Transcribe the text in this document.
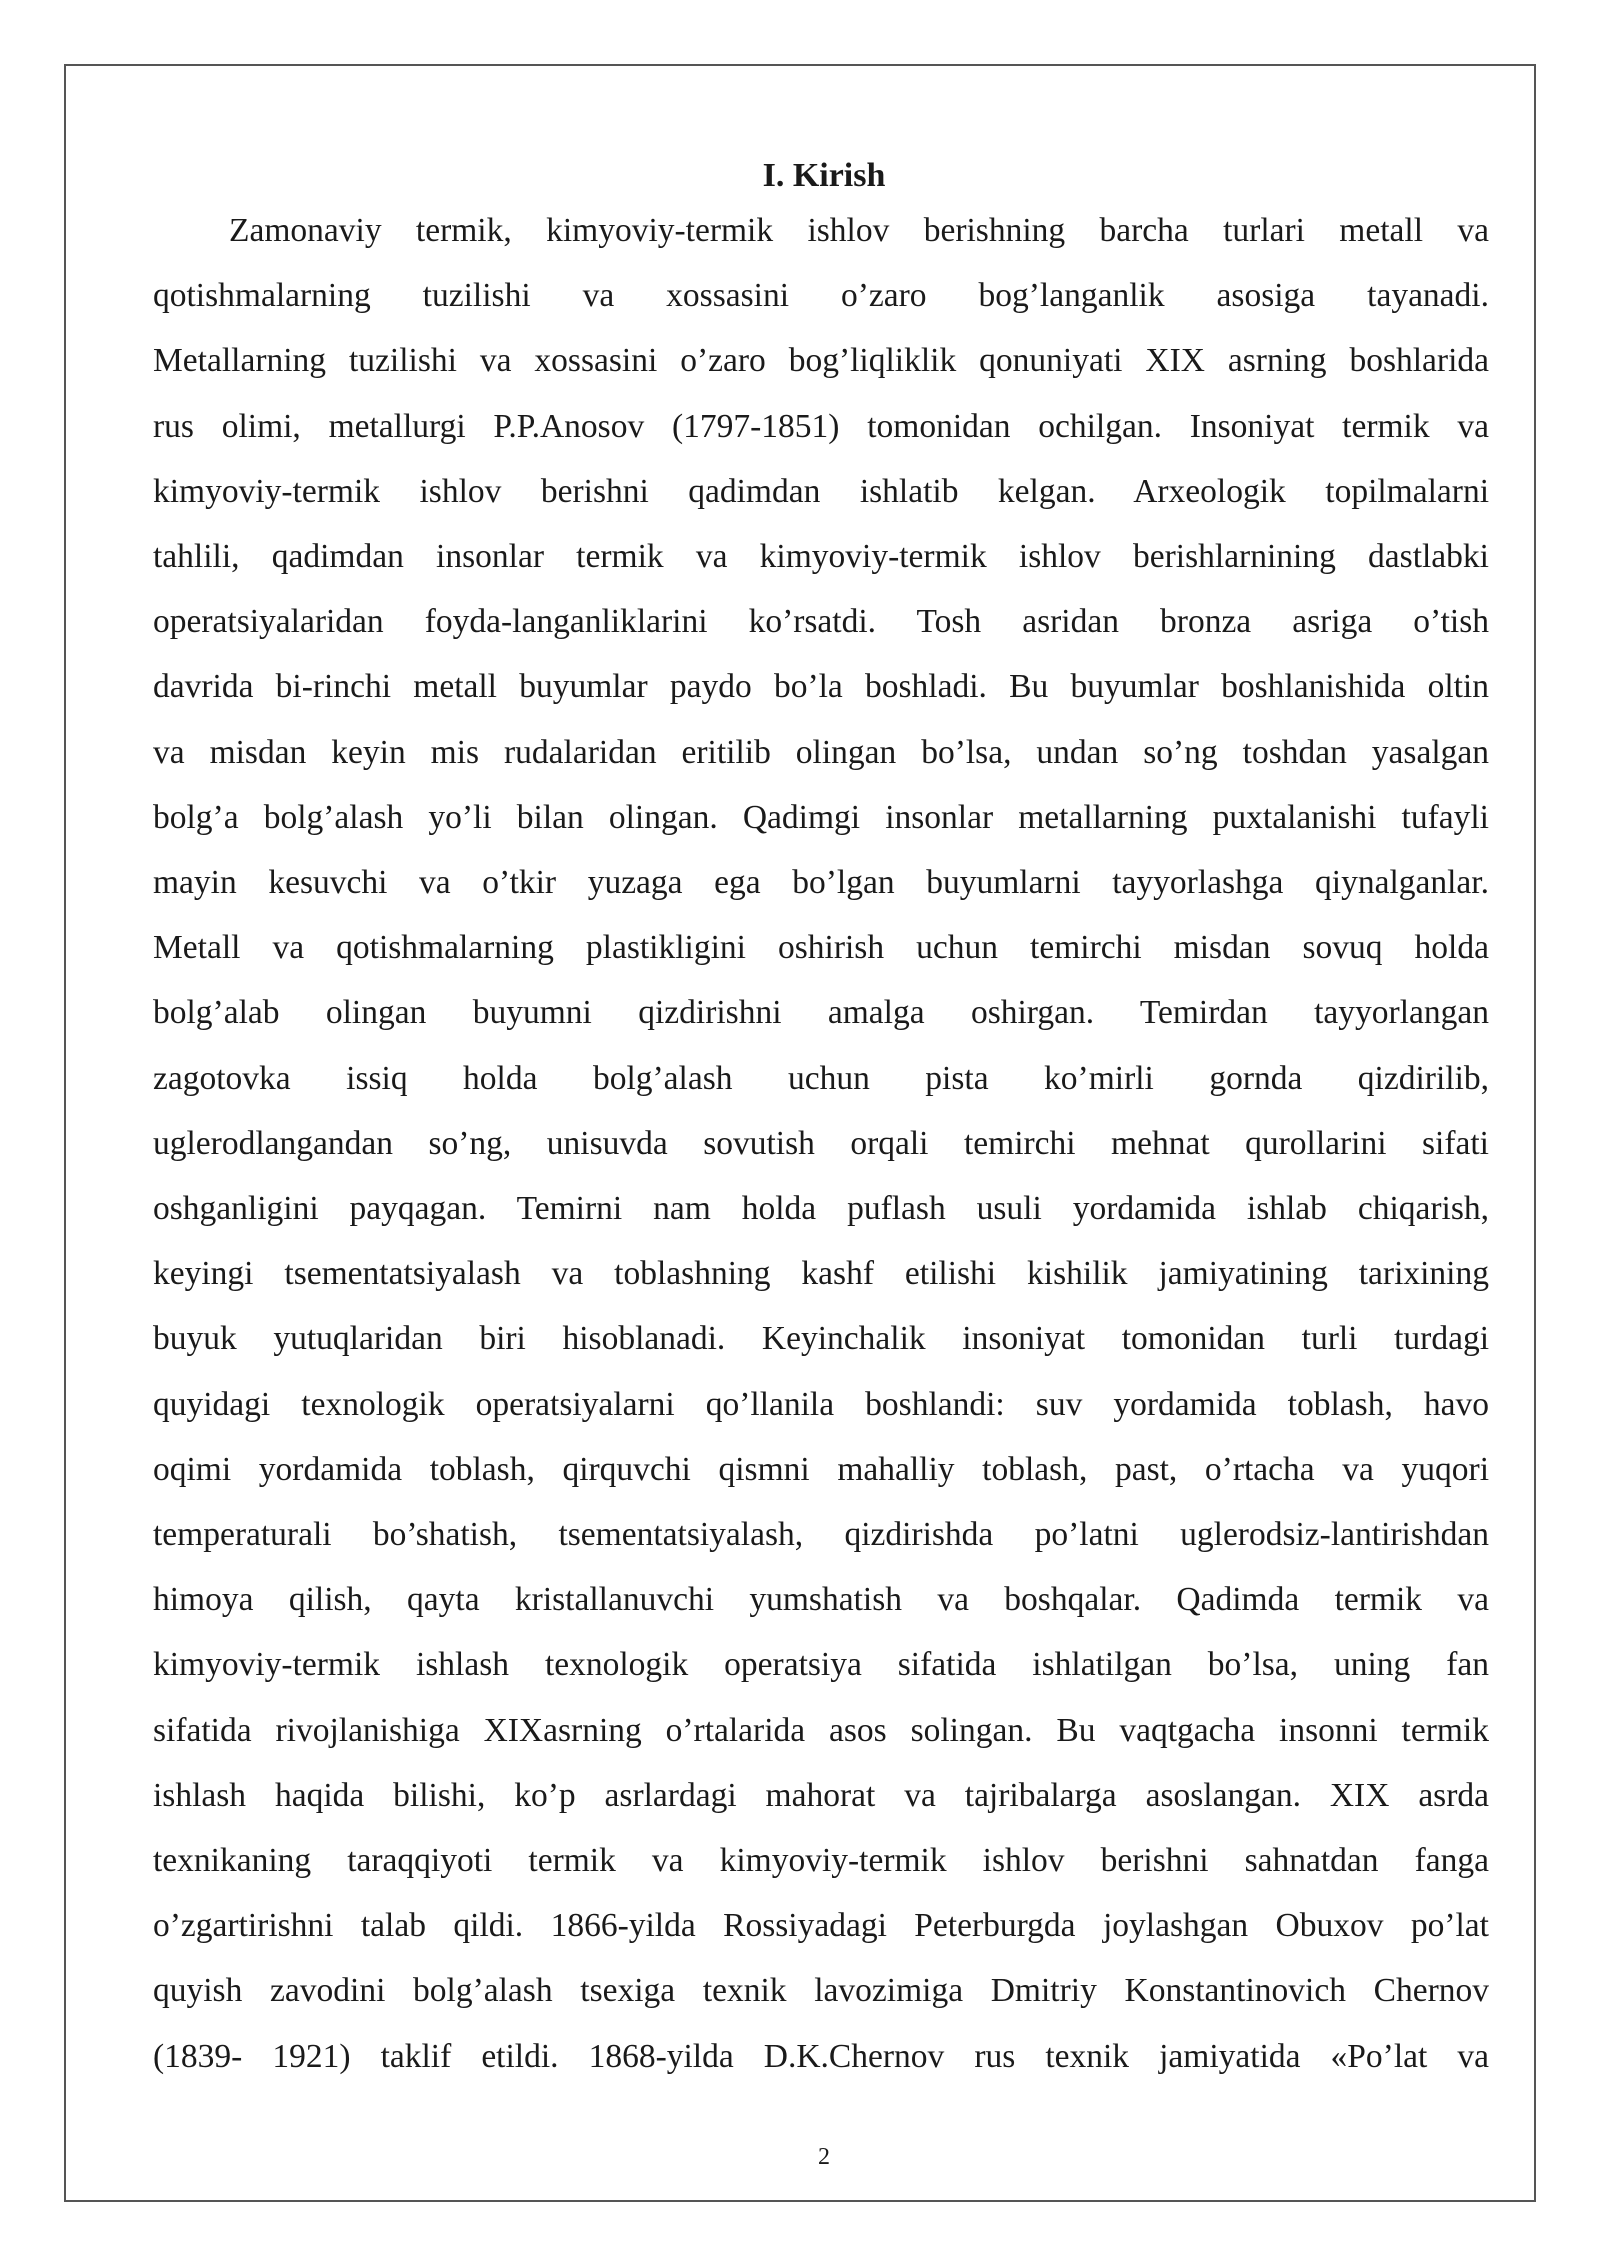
I. Kirish
Zamonaviy termik, kimyoviy-termik ishlov berishning barcha turlari metall va
qotishmalarning tuzilishi va xossasini o’zaro bog’langanlik asosiga tayanadi.
Metallarning tuzilishi va xossasini o’zaro bog’liqliklik qonuniyati XIX asrning boshlarida
rus olimi, metallurgi P.P.Anosov (1797-1851) tomonidan ochilgan. Insoniyat termik va
kimyoviy-termik ishlov berishni qadimdan ishlatib kelgan. Arxeologik topilmalarni
tahlili, qadimdan insonlar termik va kimyoviy-termik ishlov berishlarnining dastlabki
operatsiyalaridan foyda-langanliklarini ko’rsatdi. Tosh asridan bronza asriga o’tish
davrida bi-rinchi metall buyumlar paydo bo’la boshladi. Bu buyumlar boshlanishida oltin
va misdan keyin mis rudalaridan eritilib olingan bo’lsa, undan so’ng toshdan yasalgan
bolg’a bolg’alash yo’li bilan olingan. Qadimgi insonlar metallarning puxtalanishi tufayli
mayin kesuvchi va o’tkir yuzaga ega bo’lgan buyumlarni tayyorlashga qiynalganlar.
Metall va qotishmalarning plastikligini oshirish uchun temirchi misdan sovuq holda
bolg’alab olingan buyumni qizdirishni amalga oshirgan. Temirdan tayyorlangan
zagotovka issiq holda bolg’alash uchun pista ko’mirli gornda qizdirilib,
uglerodlangandan so’ng, unisuvda sovutish orqali temirchi mehnat qurollarini sifati
oshganligini payqagan. Temirni nam holda puflash usuli yordamida ishlab chiqarish,
keyingi tsementatsiyalash va toblashning kashf etilishi kishilik jamiyatining tarixining
buyuk yutuqlaridan biri hisoblanadi. Keyinchalik insoniyat tomonidan turli turdagi
quyidagi texnologik operatsiyalarni qo’llanila boshlandi: suv yordamida toblash, havo
oqimi yordamida toblash, qirquvchi qismni mahalliy toblash, past, o’rtacha va yuqori
temperaturali bo’shatish, tsementatsiyalash, qizdirishda po’latni uglerodsiz-lantirishdan
himoya qilish, qayta kristallanuvchi yumshatish va boshqalar. Qadimda termik va
kimyoviy-termik ishlash texnologik operatsiya sifatida ishlatilgan bo’lsa, uning fan
sifatida rivojlanishiga XIXasrning o’rtalarida asos solingan. Bu vaqtgacha insonni termik
ishlash haqida bilishi, ko’p asrlardagi mahorat va tajribalarga asoslangan. XIX asrda
texnikaning taraqqiyoti termik va kimyoviy-termik ishlov berishni sahnatdan fanga
o’zgartirishni talab qildi. 1866-yilda Rossiyadagi Peterburgda joylashgan Obuxov po’lat
quyish zavodini bolg’alash tsexiga texnik lavozimiga Dmitriy Konstantinovich Chernov
(1839- 1921) taklif etildi. 1868-yilda D.K.Chernov rus texnik jamiyatida «Po’lat va
2
